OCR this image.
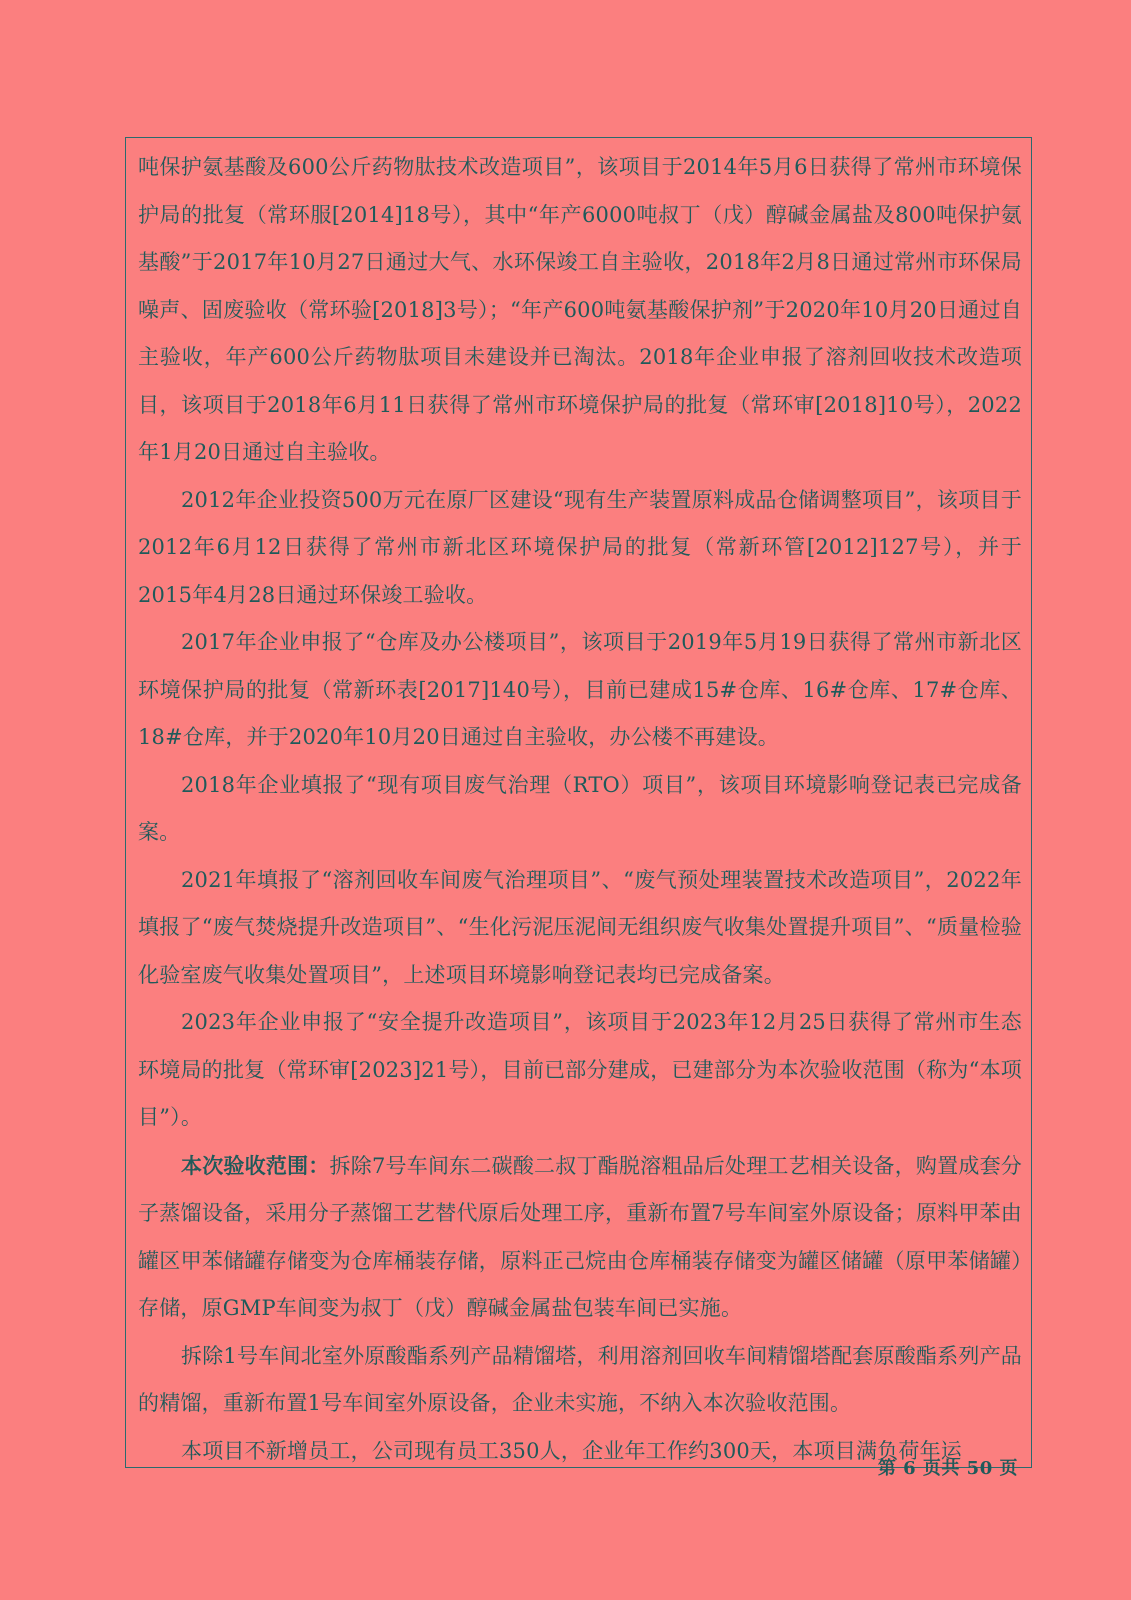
吨保护氨基酸及600公斤药物肽技术改造项目”，该项目于2014年5月6日获得了常州市环境保护局的批复（常环服[2014]18号），其中“年产6000吨叔丁（戊）醇碱金属盐及800吨保护氨基酸”于2017年10月27日通过大气、水环保竣工自主验收，2018年2月8日通过常州市环保局噪声、固废验收（常环验[2018]3号）；“年产600吨氨基酸保护剂”于2020年10月20日通过自主验收，年产600公斤药物肽项目未建设并已淘汰。2018年企业申报了溶剂回收技术改造项目，该项目于2018年6月11日获得了常州市环境保护局的批复（常环审[2018]10号），2022年1月20日通过自主验收。

2012年企业投资500万元在原厂区建设“现有生产装置原料成品仓储调整项目”，该项目于2012年6月12日获得了常州市新北区环境保护局的批复（常新环管[2012]127号），并于2015年4月28日通过环保竣工验收。

2017年企业申报了“仓库及办公楼项目”，该项目于2019年5月19日获得了常州市新北区环境保护局的批复（常新环表[2017]140号），目前已建成15#仓库、16#仓库、17#仓库、18#仓库，并于2020年10月20日通过自主验收，办公楼不再建设。

2018年企业填报了“现有项目废气治理（RTO）项目”，该项目环境影响登记表已完成备案。

2021年填报了“溶剂回收车间废气治理项目”、“废气预处理装置技术改造项目”，2022年填报了“废气焚烧提升改造项目”、“生化污泥压泥间无组织废气收集处置提升项目”、“质量检验化验室废气收集处置项目”，上述项目环境影响登记表均已完成备案。

2023年企业申报了“安全提升改造项目”，该项目于2023年12月25日获得了常州市生态环境局的批复（常环审[2023]21号），目前已部分建成，已建部分为本次验收范围（称为“本项目”）。

本次验收范围：拆除7号车间东二碳酸二叔丁酯脱溶粗品后处理工艺相关设备，购置成套分子蒸馏设备，采用分子蒸馏工艺替代原后处理工序，重新布置7号车间室外原设备；原料甲苯由罐区甲苯储罐存储变为仓库桶装存储，原料正己烷由仓库桶装存储变为罐区储罐（原甲苯储罐）存储，原GMP车间变为叔丁（戊）醇碱金属盐包装车间已实施。

拆除1号车间北室外原酸酯系列产品精馏塔，利用溶剂回收车间精馏塔配套原酸酯系列产品的精馏，重新布置1号车间室外原设备，企业未实施，不纳入本次验收范围。

本项目不新增员工，公司现有员工350人，企业年工作约300天，本项目满负荷年运

第 6 页共 50 页
